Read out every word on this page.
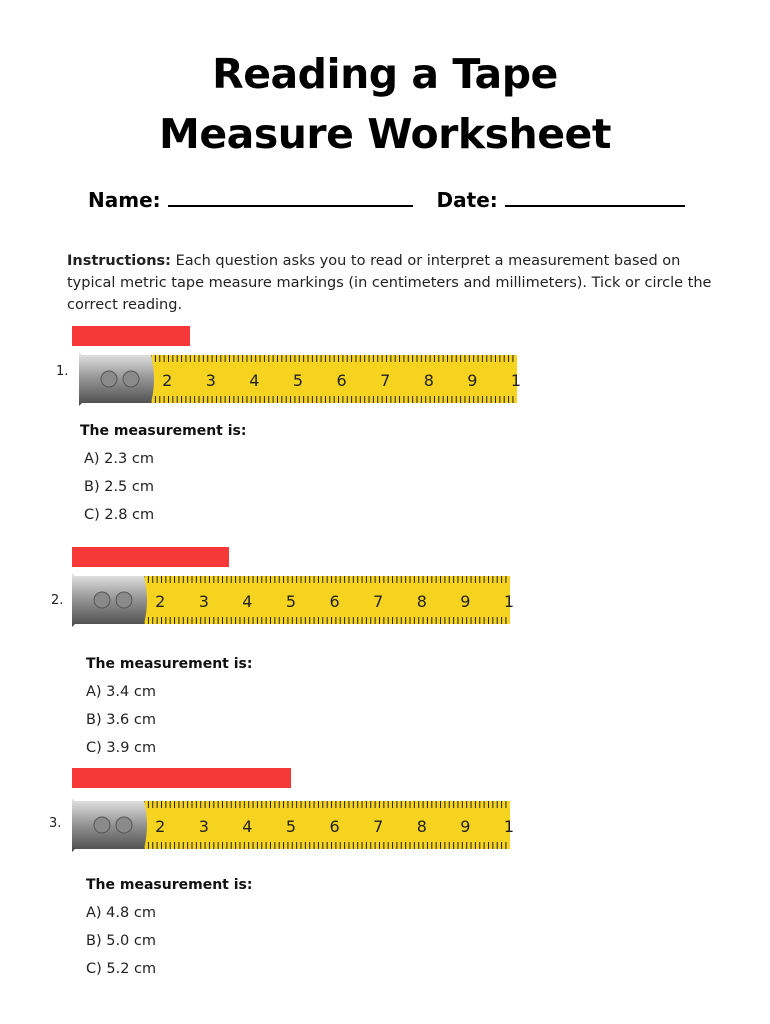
Reading a Tape
Measure Worksheet
Name:	Date:
Instructions: Each question asks you to read or interpret a measurement based on typical metric tape measure markings (in centimeters and millimeters). Tick or circle the correct reading.
1.	2 3 4 5 6 7 8 9 1
The measurement is:
A) 2.3 cm
B) 2.5 cm
C) 2.8 cm
2.	2 3 4 5 6 7 8 9 1
The measurement is:
A) 3.4 cm
B) 3.6 cm
C) 3.9 cm
3.	2 3 4 5 6 7 8 9 1
The measurement is:
A) 4.8 cm
B) 5.0 cm
C) 5.2 cm
